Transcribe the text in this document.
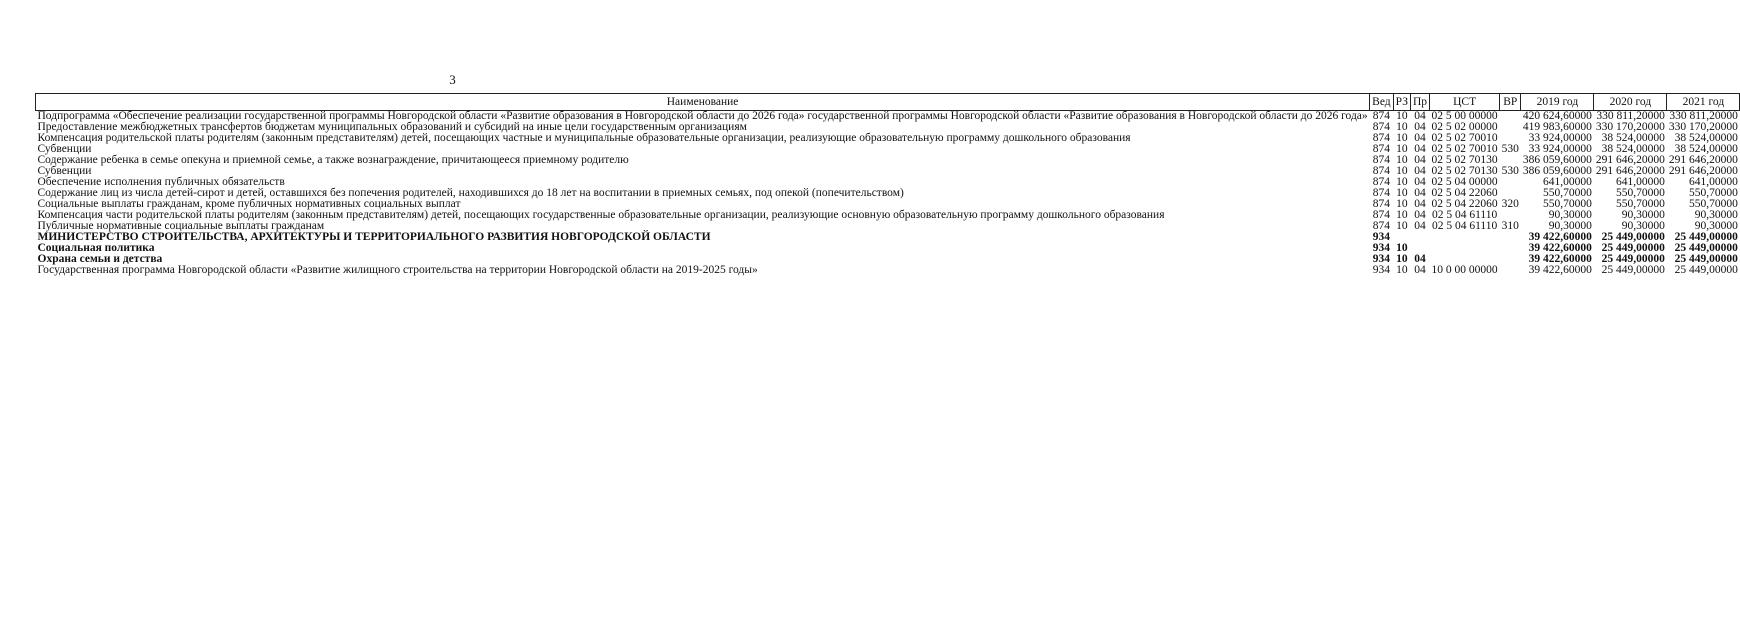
3
Наименование	Вед	РЗ	Пр	ЦСТ	ВР	2019 год	2020 год	2021 год
Подпрограмма «Обеспечение реализации государственной программы Новгородской области «Развитие образования в Новгородской области до 2026 года» государственной программы Новгородской области «Развитие образования в Новгородской области до 2026 года»	874	10	04	02 5 00 00000		420 624,60000	330 811,20000	330 811,20000
Предоставление межбюджетных трансфертов бюджетам муниципальных образований и субсидий на иные цели государственным организациям	874	10	04	02 5 02 00000		419 983,60000	330 170,20000	330 170,20000
Компенсация родительской платы родителям (законным представителям) детей, посещающих частные и муниципальные образовательные организации, реализующие образовательную программу дошкольного образования	874	10	04	02 5 02 70010		33 924,00000	38 524,00000	38 524,00000
Субвенции	874	10	04	02 5 02 70010	530	33 924,00000	38 524,00000	38 524,00000
Содержание ребенка в семье опекуна и приемной семье, а также вознаграждение, причитающееся приемному родителю	874	10	04	02 5 02 70130		386 059,60000	291 646,20000	291 646,20000
Субвенции	874	10	04	02 5 02 70130	530	386 059,60000	291 646,20000	291 646,20000
Обеспечение исполнения публичных обязательств	874	10	04	02 5 04 00000		641,00000	641,00000	641,00000
Содержание лиц из числа детей-сирот и детей, оставшихся без попечения родителей, находившихся до 18 лет на воспитании в приемных семьях, под опекой (попечительством)	874	10	04	02 5 04 22060		550,70000	550,70000	550,70000
Социальные выплаты гражданам, кроме публичных нормативных социальных выплат	874	10	04	02 5 04 22060	320	550,70000	550,70000	550,70000
Компенсация части родительской платы родителям (законным представителям) детей, посещающих государственные образовательные организации, реализующие основную образовательную программу дошкольного образования	874	10	04	02 5 04 61110		90,30000	90,30000	90,30000
Публичные нормативные социальные выплаты гражданам	874	10	04	02 5 04 61110	310	90,30000	90,30000	90,30000
МИНИСТЕРСТВО СТРОИТЕЛЬСТВА, АРХИТЕКТУРЫ И ТЕРРИТОРИАЛЬНОГО РАЗВИТИЯ НОВГОРОДСКОЙ ОБЛАСТИ	934					39 422,60000	25 449,00000	25 449,00000
Социальная политика	934	10				39 422,60000	25 449,00000	25 449,00000
Охрана семьи и детства	934	10	04			39 422,60000	25 449,00000	25 449,00000
Государственная программа Новгородской области «Развитие жилищного строительства на территории Новгородской области на 2019-2025 годы»	934	10	04	10 0 00 00000		39 422,60000	25 449,00000	25 449,00000
